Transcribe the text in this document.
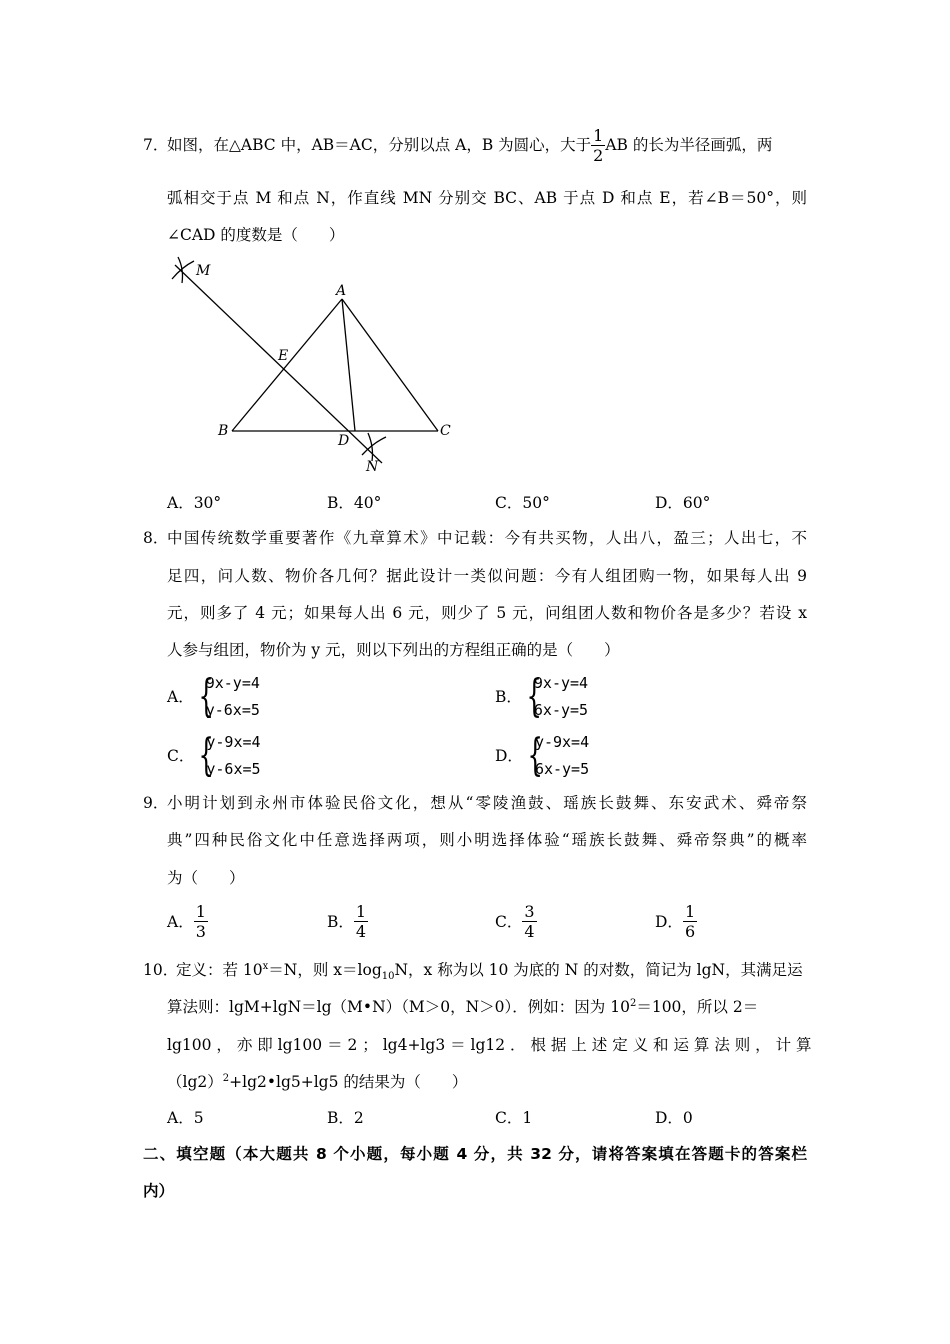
7．
如图，在△ABC 中，AB＝AC，分别以点 A，B 为圆心，大于 $\frac{1}{2}$ AB 的长为半径画弧，两
弧相交于点 M 和点 N，作直线 MN 分别交 BC、AB 于点 D 和点 E，若∠B＝50°，则
∠CAD 的度数是（　　）
M
A
E
B
D
C
N
A．30°	B．40°	C．50°	D．60°
8．
中国传统数学重要著作《九章算术》中记载：今有共买物，人出八，盈三；人出七，不
足四，问人数、物价各几何？据此设计一类似问题：今有人组团购一物，如果每人出 9
元，则多了 4 元；如果每人出 6 元，则少了 5 元，问组团人数和物价各是多少？若设 x
人参与组团，物价为 y 元，则以下列出的方程组正确的是（　　）
A． {
9x-y=4
y-6x=5
B． {
9x-y=4
6x-y=5
C． {
y-9x=4
y-6x=5
D． {
y-9x=4
6x-y=5
9．
小明计划到永州市体验民俗文化，想从“零陵渔鼓、瑶族长鼓舞、东安武术、舜帝祭
典”四种民俗文化中任意选择两项，则小明选择体验“瑶族长鼓舞、舜帝祭典”的概率
为（　　）
A． $\frac{1}{3}$	B． $\frac{1}{4}$	C． $\frac{3}{4}$	D． $\frac{1}{6}$
10．
定义：若 $10^x=N$，则 $x=\log_{10}N$，x 称为以 10 为底的 N 的对数，简记为 lgN，其满足运
算法则：lgM+lgN＝lg（M•N）（M＞0，N＞0）．例如：因为 $10^2=100$，所以 2＝
lg100 ， 亦 即 lg100 ＝ 2 ； lg4+lg3 ＝ lg12 ． 根 据 上 述 定 义 和 运 算 法 则 ， 计 算
$(\lg 2)^2+\lg 2•\lg 5+\lg 5$ 的结果为（　　）
A．5	B．2	C．1	D．0
二、填空题（本大题共 8 个小题，每小题 4 分，共 32 分，请将答案填在答题卡的答案栏
内）
